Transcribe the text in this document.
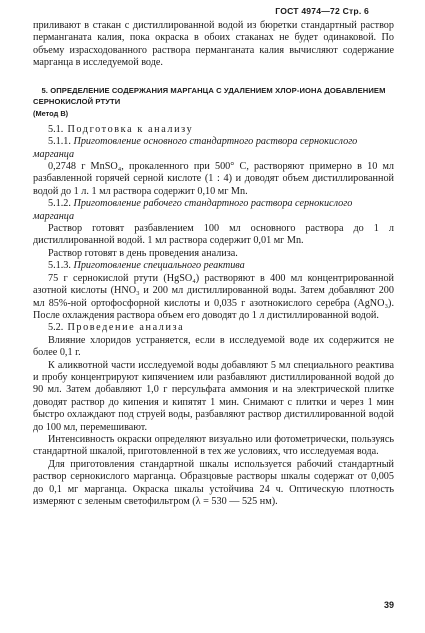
ГОСТ 4974—72 Стр. 6

приливают в стакан с дистиллированной водой из бюретки стандартный раствор перманганата калия, пока окраска в обоих стаканах не будет одинаковой. По объему израсходованного раствора перманганата калия вычисляют содержание марганца в исследуемой воде.

5. ОПРЕДЕЛЕНИЕ СОДЕРЖАНИЯ МАРГАНЦА С УДАЛЕНИЕМ ХЛОР-ИОНА ДОБАВЛЕНИЕМ СЕРНОКИСЛОЙ РТУТИ

(Метод В)

5.1. Подготовка к анализу

5.1.1. Приготовление основного стандартного раствора сернокислого марганца

0,2748 г MnSO₄, прокаленного при 500° С, растворяют примерно в 10 мл разбавленной горячей серной кислоте (1 : 4) и доводят объем дистиллированной водой до 1 л. 1 мл раствора содержит 0,10 мг Mn.

5.1.2. Приготовление рабочего стандартного раствора сернокислого марганца

Раствор готовят разбавлением 100 мл основного раствора до 1 л дистиллированной водой. 1 мл раствора содержит 0,01 мг Mn.

Раствор готовят в день проведения анализа.

5.1.3. Приготовление специального реактива

75 г сернокислой ртути (HgSO₄) растворяют в 400 мл концентрированной азотной кислоты (HNO₃ и 200 мл дистиллированной воды. Затем добавляют 200 мл 85%-ной ортофосфорной кислоты и 0,035 г азотнокислого серебра (AgNO₃). После охлаждения раствора объем его доводят до 1 л дистиллированной водой.

5.2. Проведение анализа

Влияние хлоридов устраняется, если в исследуемой воде их содержится не более 0,1 г.

К аликвотной части исследуемой воды добавляют 5 мл специального реактива и пробу концентрируют кипячением или разбавляют дистиллированной водой до 90 мл. Затем добавляют 1,0 г персульфата аммония и на электрической плитке доводят раствор до кипения и кипятят 1 мин. Снимают с плитки и через 1 мин быстро охлаждают под струей воды, разбавляют раствор дистиллированной водой до 100 мл, перемешивают.

Интенсивность окраски определяют визуально или фотометрически, пользуясь стандартной шкалой, приготовленной в тех же условиях, что исследуемая вода.

Для приготовления стандартной шкалы используется рабочий стандартный раствор сернокислого марганца. Образцовые растворы шкалы содержат от 0,005 до 0,1 мг марганца. Окраска шкалы устойчива 24 ч. Оптическую плотность измеряют с зеленым светофильтром (λ = 530 — 525 нм).

39
